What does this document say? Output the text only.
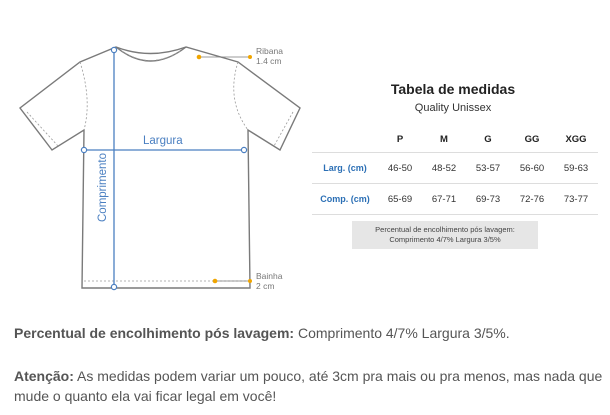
Comprimento
Largura
Ribana
1.4 cm
Bainha
2 cm
Tabela de medidas
Quality Unissex
	P	M	G	GG	XGG
Larg. (cm)	46-50	48-52	53-57	56-60	59-63
Comp. (cm)	65-69	67-71	69-73	72-76	73-77
Percentual de encolhimento pós lavagem:
Comprimento 4/7% Largura 3/5%
Percentual de encolhimento pós lavagem: Comprimento 4/7% Largura 3/5%.
Atenção: As medidas podem variar um pouco, até 3cm pra mais ou pra menos, mas nada que mude o quanto ela vai ficar legal em você!
